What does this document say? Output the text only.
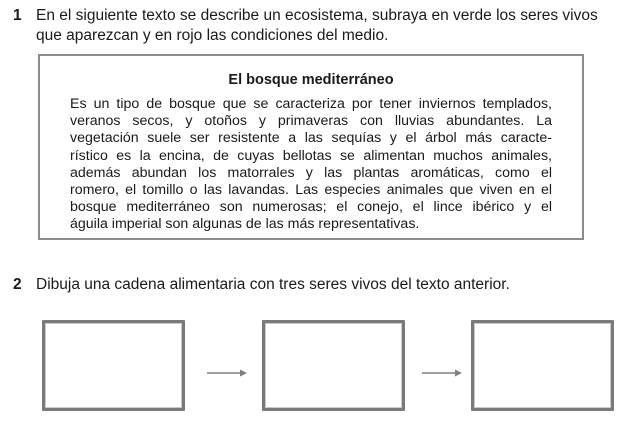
1 En el siguiente texto se describe un ecosistema, subraya en verde los seres vivos
que aparezcan y en rojo las condiciones del medio.
El bosque mediterráneo
Es un tipo de bosque que se caracteriza por tener inviernos templados,
veranos secos, y otoños y primaveras con lluvias abundantes. La
vegetación suele ser resistente a las sequías y el árbol más caracte-
rístico es la encina, de cuyas bellotas se alimentan muchos animales,
además abundan los matorrales y las plantas aromáticas, como el
romero, el tomillo o las lavandas. Las especies animales que viven en el
bosque mediterráneo son numerosas; el conejo, el lince ibérico y el
águila imperial son algunas de las más representativas.
2 Dibuja una cadena alimentaria con tres seres vivos del texto anterior.
